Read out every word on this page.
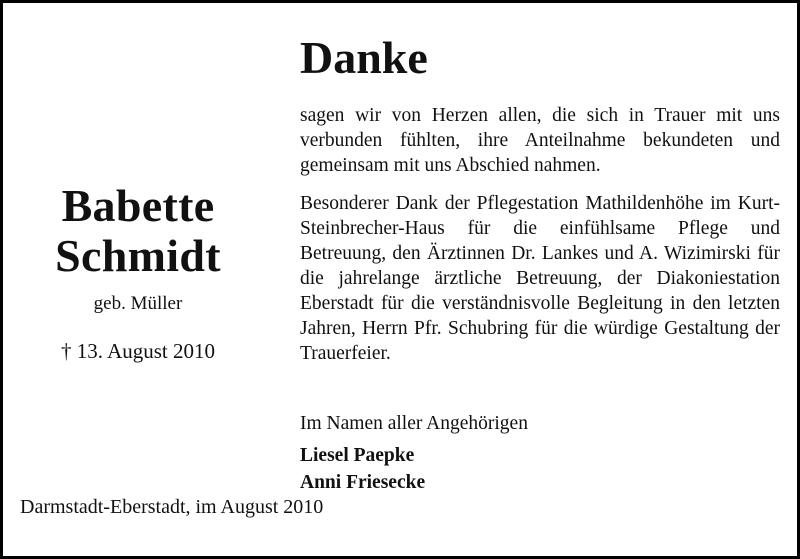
Babette
Schmidt
geb. Müller
† 13. August 2010
Danke

sagen wir von Herzen allen, die sich in Trauer mit uns verbunden fühlten, ihre Anteilnahme bekundeten und gemeinsam mit uns Abschied nahmen.

Besonderer Dank der Pflegestation Mathildenhöhe im Kurt-Steinbrecher-Haus für die einfühlsame Pflege und Betreuung, den Ärztinnen Dr. Lankes und A. Wizimirski für die jahrelange ärztliche Betreuung, der Diakoniestation Eberstadt für die verständnisvolle Begleitung in den letzten Jahren, Herrn Pfr. Schubring für die würdige Gestaltung der Trauerfeier.

Im Namen aller Angehörigen
Liesel Paepke
Anni Friesecke
Darmstadt-Eberstadt, im August 2010
